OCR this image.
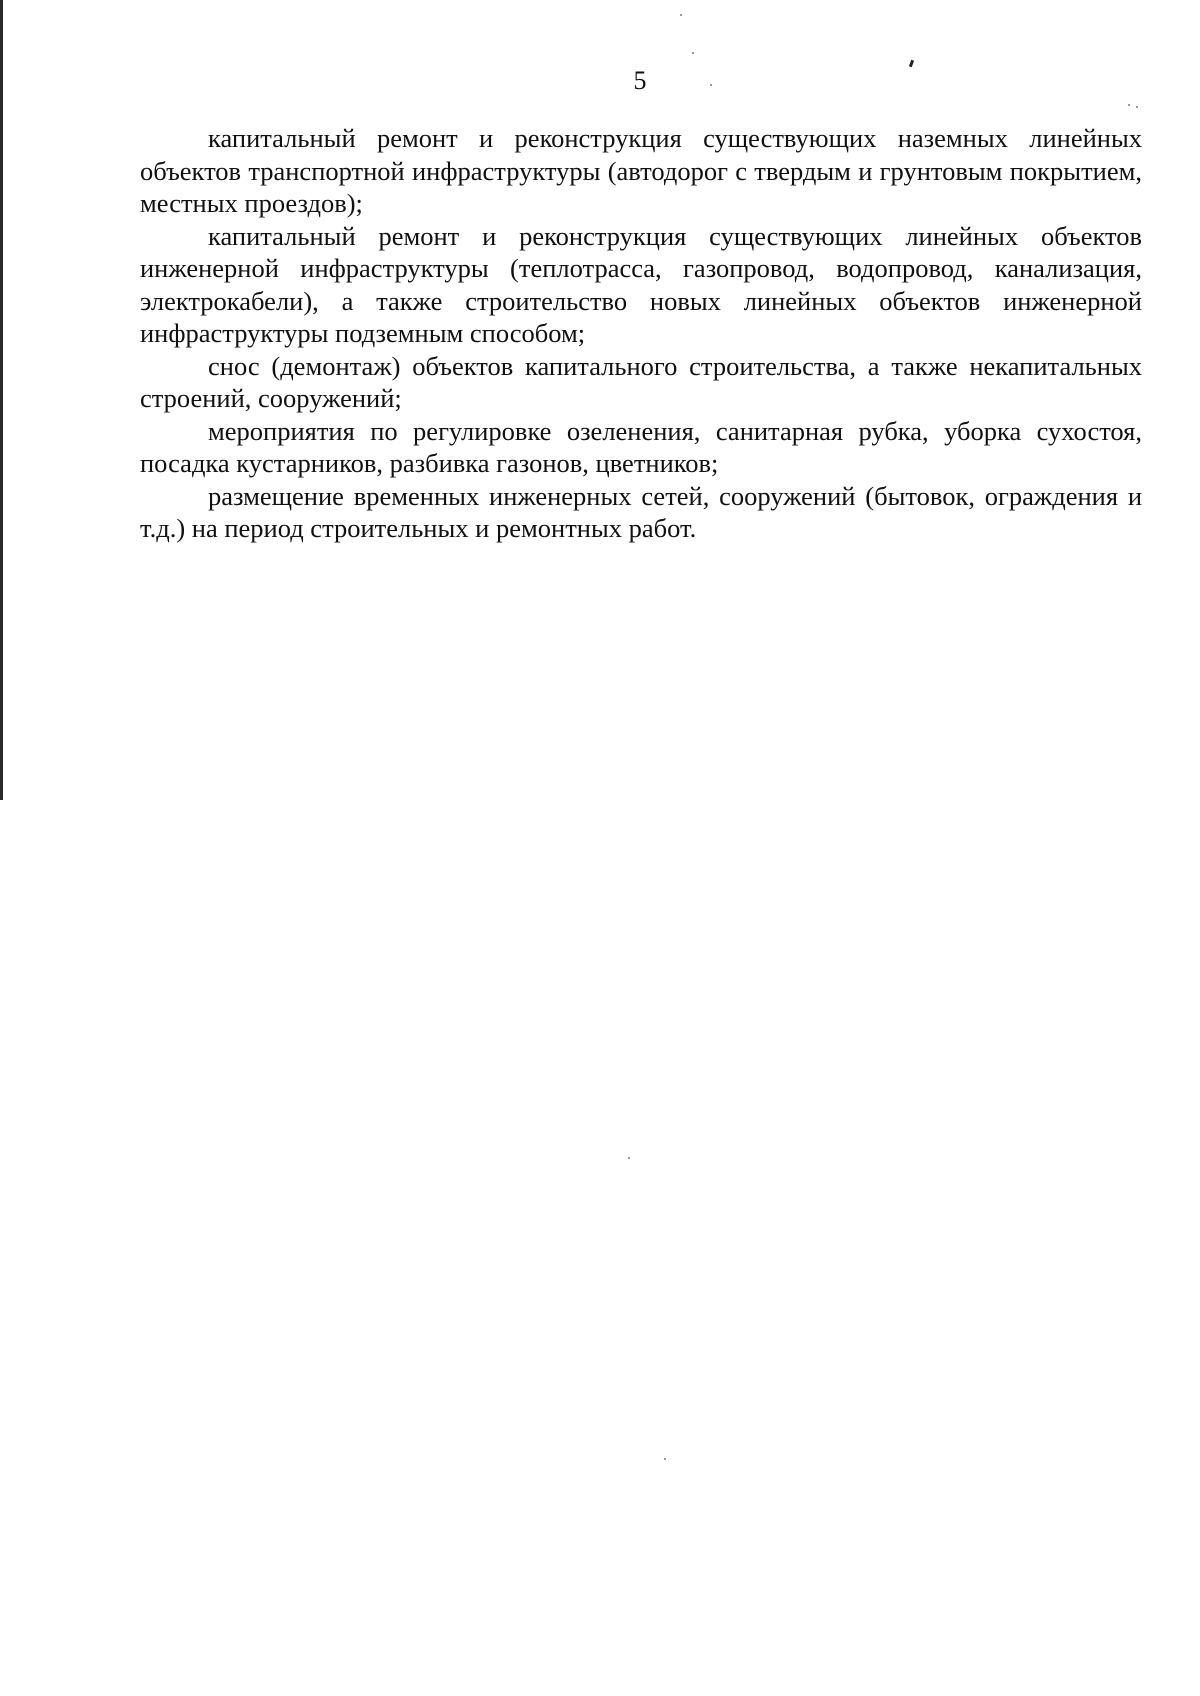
5

капитальный ремонт и реконструкция существующих наземных линейных объектов транспортной инфраструктуры (автодорог с твердым и грунтовым покрытием, местных проездов);

капитальный ремонт и реконструкция существующих линейных объектов инженерной инфраструктуры (теплотрасса, газопровод, водопровод, канализация, электрокабели), а также строительство новых линейных объектов инженерной инфраструктуры подземным способом;

снос (демонтаж) объектов капитального строительства, а также некапитальных строений, сооружений;

мероприятия по регулировке озеленения, санитарная рубка, уборка сухостоя, посадка кустарников, разбивка газонов, цветников;

размещение временных инженерных сетей, сооружений (бытовок, ограждения и т.д.) на период строительных и ремонтных работ.
